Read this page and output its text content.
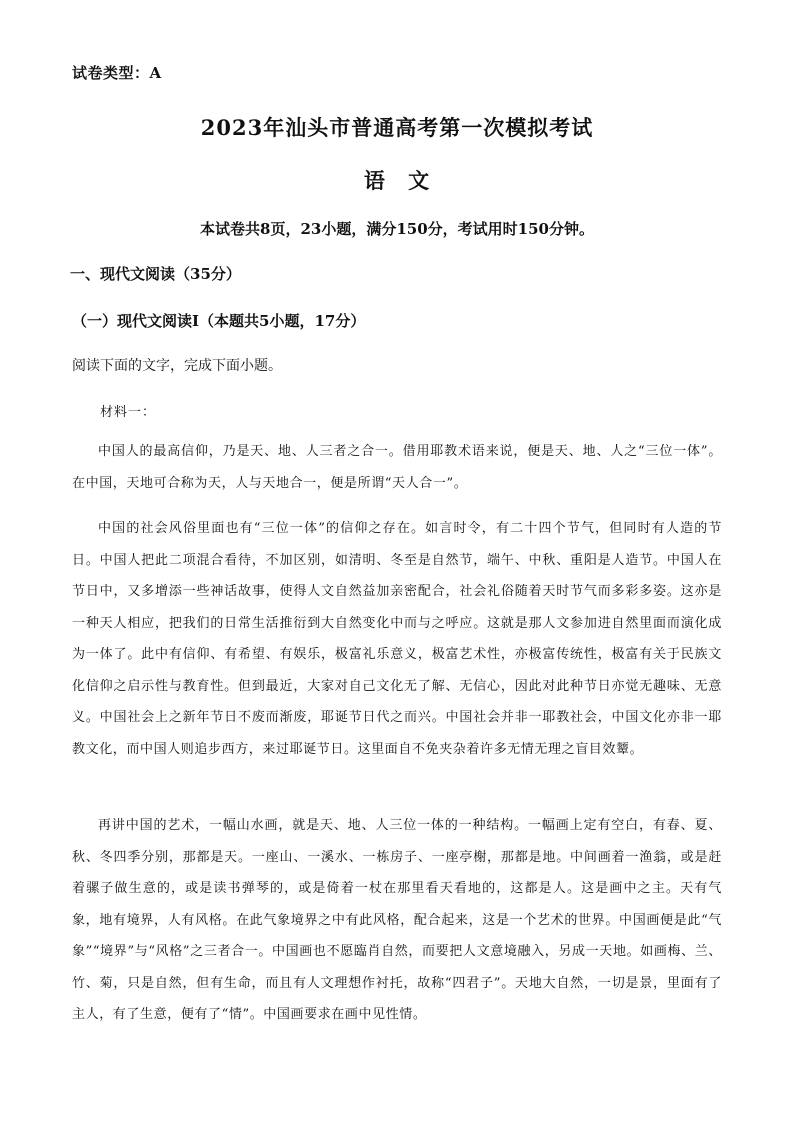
试卷类型：A
2023年汕头市普通高考第一次模拟考试
语 文
本试卷共8页，23小题，满分150分，考试用时150分钟。
一、现代文阅读（35分）
（一）现代文阅读Ⅰ（本题共5小题，17分）
阅读下面的文字，完成下面小题。
材料一：

中国人的最高信仰，乃是天、地、人三者之合一。借用耶教术语来说，便是天、地、人之“三位一体”。在中国，天地可合称为天，人与天地合一，便是所谓“天人合一”。

中国的社会风俗里面也有“三位一体”的信仰之存在。如言时令，有二十四个节气，但同时有人造的节日。中国人把此二项混合看待，不加区别，如清明、冬至是自然节，端午、中秋、重阳是人造节。中国人在节日中，又多增添一些神话故事，使得人文自然益加亲密配合，社会礼俗随着天时节气而多彩多姿。这亦是一种天人相应，把我们的日常生活推衍到大自然变化中而与之呼应。这就是那人文参加进自然里面而演化成为一体了。此中有信仰、有希望、有娱乐，极富礼乐意义，极富艺术性，亦极富传统性，极富有关于民族文化信仰之启示性与教育性。但到最近，大家对自己文化无了解、无信心，因此对此种节日亦觉无趣味、无意义。中国社会上之新年节日不废而渐废，耶诞节日代之而兴。中国社会并非一耶教社会，中国文化亦非一耶教文化，而中国人则追步西方，来过耶诞节日。这里面自不免夹杂着许多无情无理之盲目效颦。

再讲中国的艺术，一幅山水画，就是天、地、人三位一体的一种结构。一幅画上定有空白，有春、夏、秋、冬四季分别，那都是天。一座山、一溪水、一栋房子、一座亭榭，那都是地。中间画着一渔翁，或是赶着骡子做生意的，或是读书弹琴的，或是倚着一杖在那里看天看地的，这都是人。这是画中之主。天有气象，地有境界，人有风格。在此气象境界之中有此风格，配合起来，这是一个艺术的世界。中国画便是此“气象”“境界”与“风格”之三者合一。中国画也不愿臨肖自然，而要把人文意境融入，另成一天地。如画梅、兰、竹、菊，只是自然，但有生命，而且有人文理想作衬托，故称“四君子”。天地大自然，一切是景，里面有了主人，有了生意，便有了“情”。中国画要求在画中见性情。
